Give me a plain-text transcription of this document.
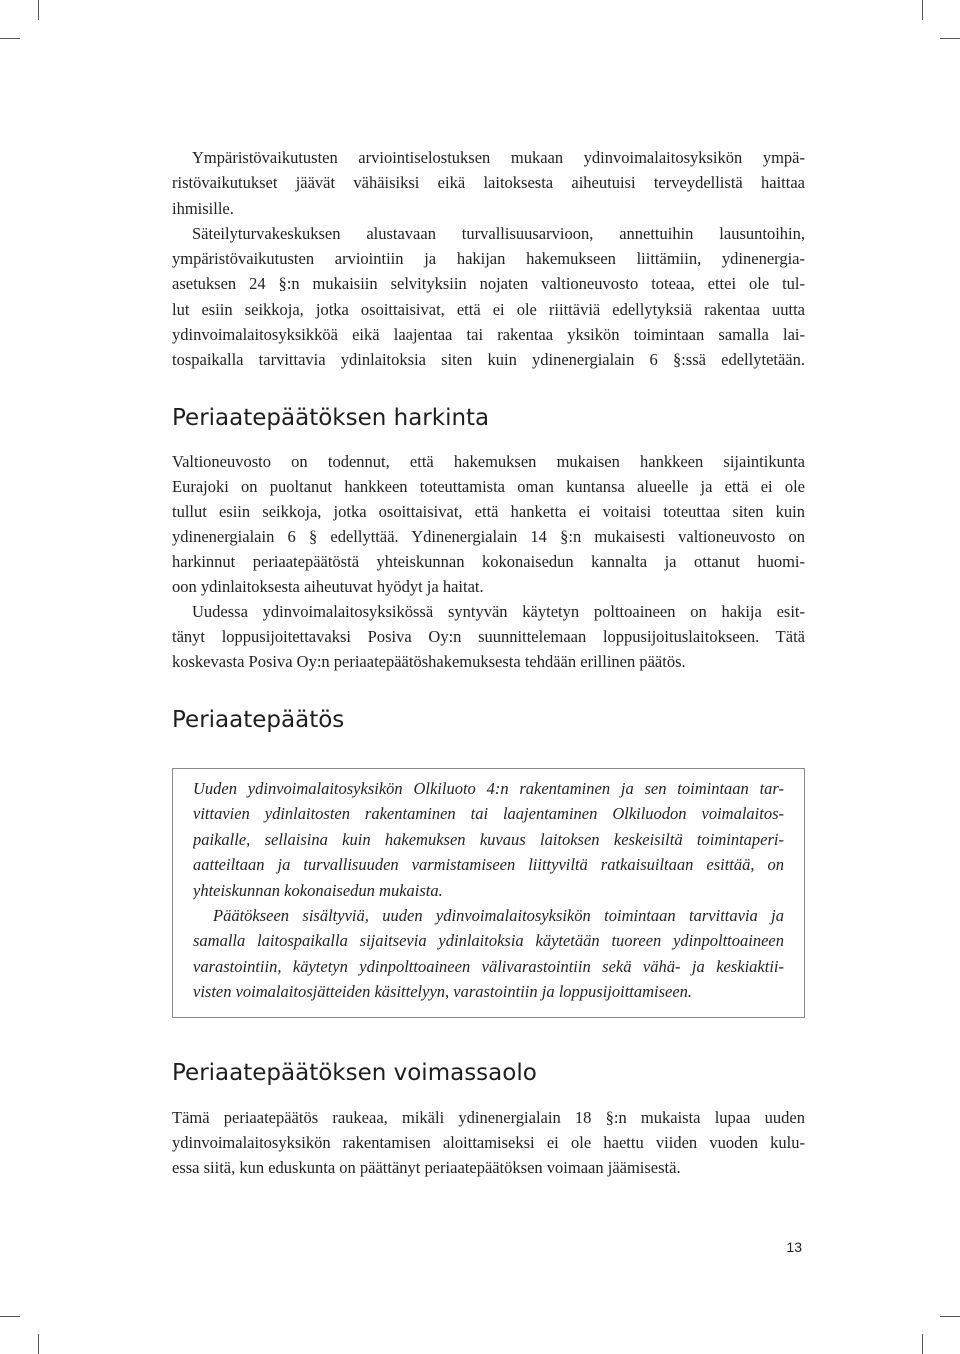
Ympäristövaikutusten arviointiselostuksen mukaan ydinvoimalaitosyksikön ympä-
ristövaikutukset jäävät vähäisiksi eikä laitoksesta aiheutuisi terveydellistä haittaa
ihmisille.
Säteilyturvakeskuksen alustavaan turvallisuusarvioon, annettuihin lausuntoihin,
ympäristövaikutusten arviointiin ja hakijan hakemukseen liittämiin, ydinenergia-
asetuksen 24 §:n mukaisiin selvityksiin nojaten valtioneuvosto toteaa, ettei ole tul-
lut esiin seikkoja, jotka osoittaisivat, että ei ole riittäviä edellytyksiä rakentaa uutta
ydinvoimalaitosyksikköä eikä laajentaa tai rakentaa yksikön toimintaan samalla lai-
tospaikalla tarvittavia ydinlaitoksia siten kuin ydinenergialain 6 §:ssä edellytetään.
Periaatepäätöksen harkinta
Valtioneuvosto on todennut, että hakemuksen mukaisen hankkeen sijaintikunta
Eurajoki on puoltanut hankkeen toteuttamista oman kuntansa alueelle ja että ei ole
tullut esiin seikkoja, jotka osoittaisivat, että hanketta ei voitaisi toteuttaa siten kuin
ydinenergialain 6 § edellyttää. Ydinenergialain 14 §:n mukaisesti valtioneuvosto on
harkinnut periaatepäätöstä yhteiskunnan kokonaisedun kannalta ja ottanut huomi-
oon ydinlaitoksesta aiheutuvat hyödyt ja haitat.
Uudessa ydinvoimalaitosyksikössä syntyvän käytetyn polttoaineen on hakija esit-
tänyt loppusijoitettavaksi Posiva Oy:n suunnittelemaan loppusijoituslaitokseen. Tätä
koskevasta Posiva Oy:n periaatepäätöshakemuksesta tehdään erillinen päätös.
Periaatepäätös
Uuden ydinvoimalaitosyksikön Olkiluoto 4:n rakentaminen ja sen toimintaan tar-
vittavien ydinlaitosten rakentaminen tai laajentaminen Olkiluodon voimalaitos-
paikalle, sellaisina kuin hakemuksen kuvaus laitoksen keskeisiltä toimintaperi-
aatteiltaan ja turvallisuuden varmistamiseen liittyviltä ratkaisuiltaan esittää, on
yhteiskunnan kokonaisedun mukaista.
Päätökseen sisältyviä, uuden ydinvoimalaitosyksikön toimintaan tarvittavia ja
samalla laitospaikalla sijaitsevia ydinlaitoksia käytetään tuoreen ydinpolttoaineen
varastointiin, käytetyn ydinpolttoaineen välivarastointiin sekä vähä- ja keskiaktii-
visten voimalaitosjätteiden käsittelyyn, varastointiin ja loppusijoittamiseen.
Periaatepäätöksen voimassaolo
Tämä periaatepäätös raukeaa, mikäli ydinenergialain 18 §:n mukaista lupaa uuden
ydinvoimalaitosyksikön rakentamisen aloittamiseksi ei ole haettu viiden vuoden kulu-
essa siitä, kun eduskunta on päättänyt periaatepäätöksen voimaan jäämisestä.
13
